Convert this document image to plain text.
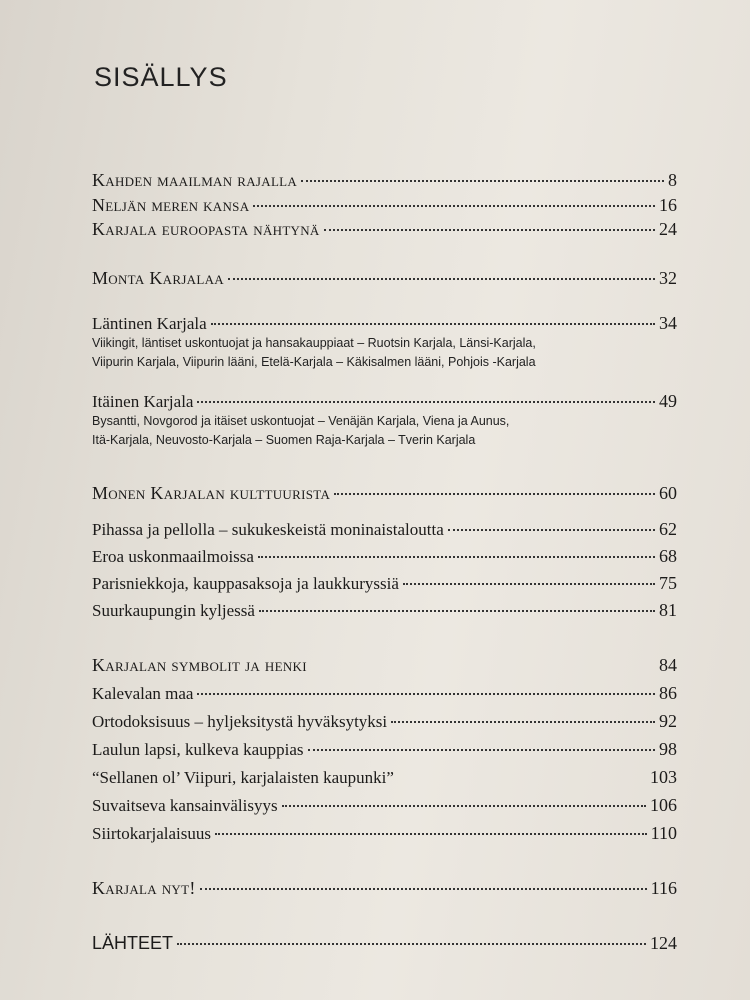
SISÄLLYS
Kahden maailman rajalla	8
Neljän meren kansa	16
Karjala euroopasta nähtynä	24
Monta Karjalaa	32
Läntinen Karjala	34
Viikingit, läntiset uskontuojat ja hansakauppiaat – Ruotsin Karjala, Länsi-Karjala,
Viipurin Karjala, Viipurin lääni, Etelä-Karjala – Käkisalmen lääni, Pohjois -Karjala
Itäinen Karjala	49
Bysantti, Novgorod ja itäiset uskontuojat – Venäjän Karjala, Viena ja Aunus,
Itä-Karjala, Neuvosto-Karjala – Suomen Raja-Karjala – Tverin Karjala
Monen Karjalan kulttuurista	60
Pihassa ja pellolla – sukukeskeistä moninaistaloutta	62
Eroa uskonmaailmoissa	68
Parisniekkoja, kauppasaksoja ja laukkuryssiä	75
Suurkaupungin kyljessä	81
Karjalan symbolit ja henki	84
Kalevalan maa	86
Ortodoksisuus – hyljeksitystä hyväksytyksi	92
Laulun lapsi, kulkeva kauppias	98
“Sellanen ol’ Viipuri, karjalaisten kaupunki”	103
Suvaitseva kansainvälisyys	106
Siirtokarjalaisuus	110
Karjala nyt!	116
LÄHTEET	124
